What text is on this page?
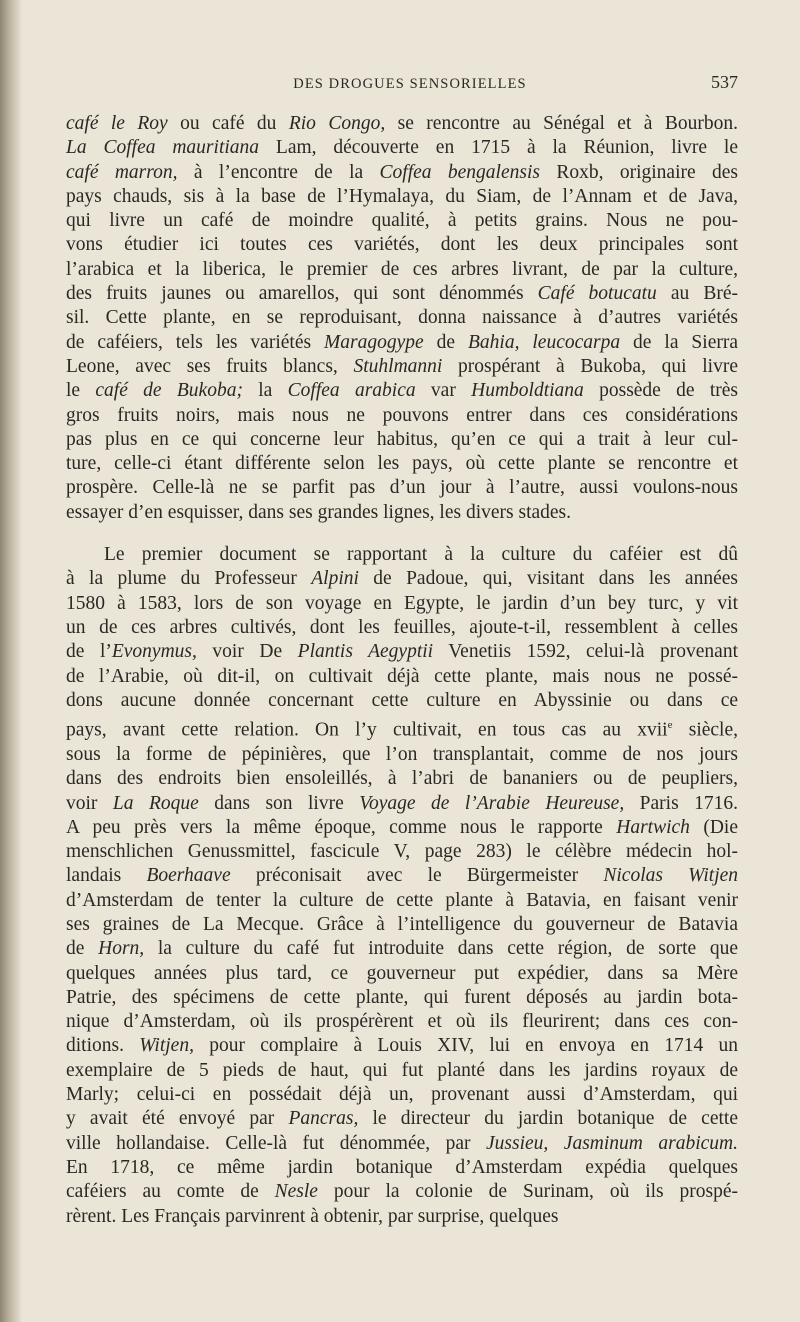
DES DROGUES SENSORIELLES	537

café le Roy ou café du Rio Congo, se rencontre au Sénégal et à Bourbon.
La Coffea mauritiana Lam, découverte en 1715 à la Réunion, livre le
café marron, à l’encontre de la Coffea bengalensis Roxb, originaire des
pays chauds, sis à la base de l’Hymalaya, du Siam, de l’Annam et de Java,
qui livre un café de moindre qualité, à petits grains. Nous ne pou-
vons étudier ici toutes ces variétés, dont les deux principales sont
l’arabica et la liberica, le premier de ces arbres livrant, de par la culture,
des fruits jaunes ou amarellos, qui sont dénommés Café botucatu au Bré-
sil. Cette plante, en se reproduisant, donna naissance à d’autres variétés
de caféiers, tels les variétés Maragogype de Bahia, leucocarpa de la Sierra
Leone, avec ses fruits blancs, Stuhlmanni prospérant à Bukoba, qui livre
le café de Bukoba; la Coffea arabica var Humboldtiana possède de très
gros fruits noirs, mais nous ne pouvons entrer dans ces considérations
pas plus en ce qui concerne leur habitus, qu’en ce qui a trait à leur cul-
ture, celle-ci étant différente selon les pays, où cette plante se rencontre et
prospère. Celle-là ne se parfit pas d’un jour à l’autre, aussi voulons-nous
essayer d’en esquisser, dans ses grandes lignes, les divers stades.

Le premier document se rapportant à la culture du caféier est dû
à la plume du Professeur Alpini de Padoue, qui, visitant dans les années
1580 à 1583, lors de son voyage en Egypte, le jardin d’un bey turc, y vit
un de ces arbres cultivés, dont les feuilles, ajoute-t-il, ressemblent à celles
de l’Evonymus, voir De Plantis Aegyptii Venetiis 1592, celui-là provenant
de l’Arabie, où dit-il, on cultivait déjà cette plante, mais nous ne possé-
dons aucune donnée concernant cette culture en Abyssinie ou dans ce
pays, avant cette relation. On l’y cultivait, en tous cas au xvii$^e$ siècle,
sous la forme de pépinières, que l’on transplantait, comme de nos jours
dans des endroits bien ensoleillés, à l’abri de bananiers ou de peupliers,
voir La Roque dans son livre Voyage de l’Arabie Heureuse, Paris 1716.
A peu près vers la même époque, comme nous le rapporte Hartwich (Die
menschlichen Genussmittel, fascicule V, page 283) le célèbre médecin hol-
landais Boerhaave préconisait avec le Bürgermeister Nicolas Witjen
d’Amsterdam de tenter la culture de cette plante à Batavia, en faisant venir
ses graines de La Mecque. Grâce à l’intelligence du gouverneur de Batavia
de Horn, la culture du café fut introduite dans cette région, de sorte que
quelques années plus tard, ce gouverneur put expédier, dans sa Mère
Patrie, des spécimens de cette plante, qui furent déposés au jardin bota-
nique d’Amsterdam, où ils prospérèrent et où ils fleurirent; dans ces con-
ditions. Witjen, pour complaire à Louis XIV, lui en envoya en 1714 un
exemplaire de 5 pieds de haut, qui fut planté dans les jardins royaux de
Marly; celui-ci en possédait déjà un, provenant aussi d’Amsterdam, qui
y avait été envoyé par Pancras, le directeur du jardin botanique de cette
ville hollandaise. Celle-là fut dénommée, par Jussieu, Jasminum arabicum.
En 1718, ce même jardin botanique d’Amsterdam expédia quelques
caféiers au comte de Nesle pour la colonie de Surinam, où ils prospé-
rèrent. Les Français parvinrent à obtenir, par surprise, quelques
